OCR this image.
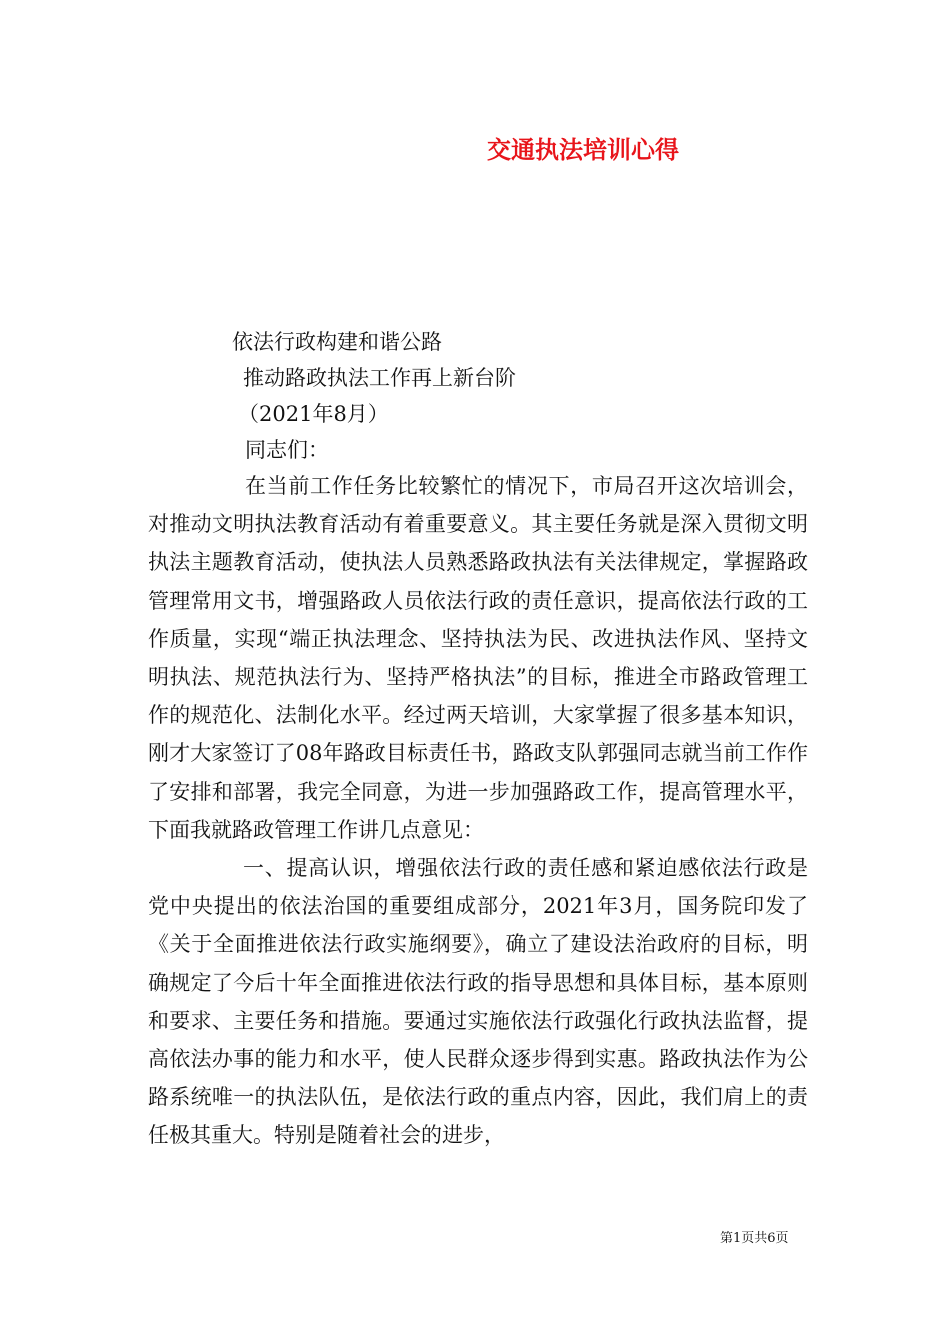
交通执法培训心得
依法行政构建和谐公路
推动路政执法工作再上新台阶
（2021年8月）
同志们：
在当前工作任务比较繁忙的情况下，市局召开这次培训会，对推动文明执法教育活动有着重要意义。其主要任务就是深入贯彻文明执法主题教育活动，使执法人员熟悉路政执法有关法律规定，掌握路政管理常用文书，增强路政人员依法行政的责任意识，提高依法行政的工作质量，实现“端正执法理念、坚持执法为民、改进执法作风、坚持文明执法、规范执法行为、坚持严格执法”的目标，推进全市路政管理工作的规范化、法制化水平。经过两天培训，大家掌握了很多基本知识，刚才大家签订了08年路政目标责任书，路政支队郭强同志就当前工作作了安排和部署，我完全同意，为进一步加强路政工作，提高管理水平，下面我就路政管理工作讲几点意见：
一、提高认识，增强依法行政的责任感和紧迫感依法行政是党中央提出的依法治国的重要组成部分，2021年3月，国务院印发了《关于全面推进依法行政实施纲要》，确立了建设法治政府的目标，明确规定了今后十年全面推进依法行政的指导思想和具体目标，基本原则和要求、主要任务和措施。要通过实施依法行政强化行政执法监督，提高依法办事的能力和水平，使人民群众逐步得到实惠。路政执法作为公路系统唯一的执法队伍，是依法行政的重点内容，因此，我们肩上的责任极其重大。特别是随着社会的进步，
第1页共6页
